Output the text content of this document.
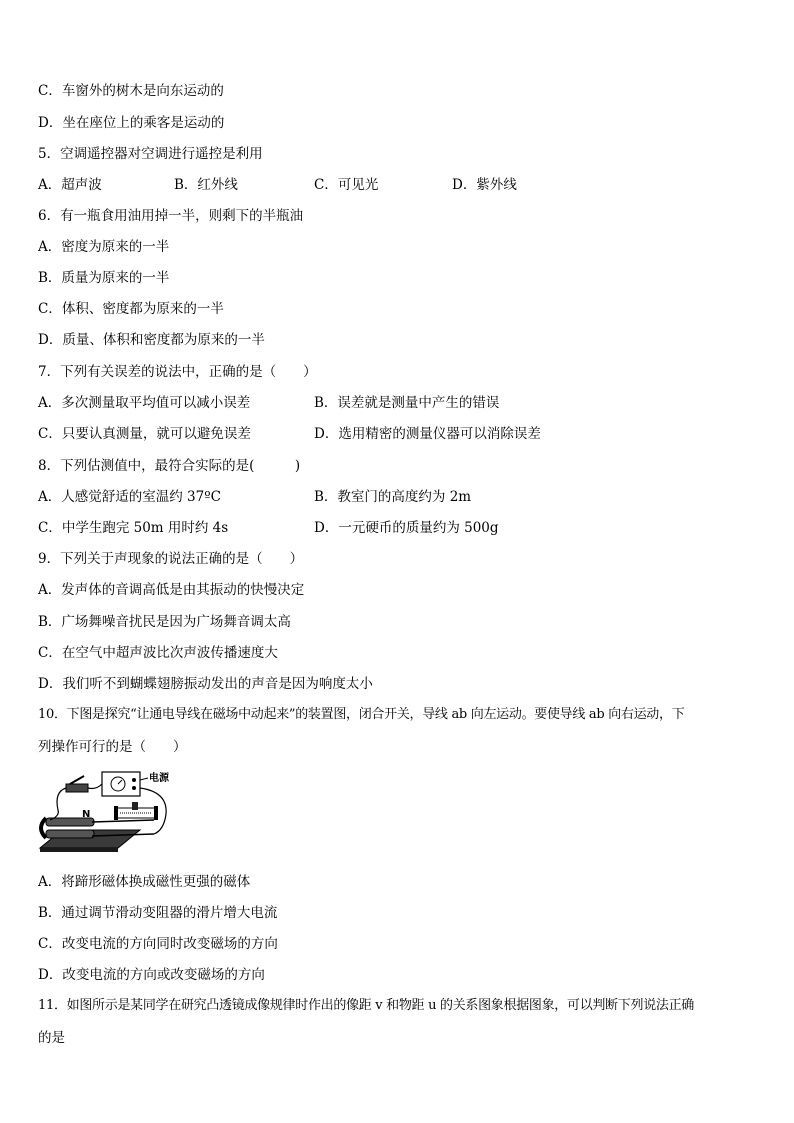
C．车窗外的树木是向东运动的
D．坐在座位上的乘客是运动的
5．空调遥控器对空调进行遥控是利用
A．超声波	B．红外线	C．可见光	D．紫外线
6．有一瓶食用油用掉一半，则剩下的半瓶油
A．密度为原来的一半
B．质量为原来的一半
C．体积、密度都为原来的一半
D．质量、体积和密度都为原来的一半
7．下列有关误差的说法中，正确的是（　　）
A．多次测量取平均值可以减小误差	B．误差就是测量中产生的错误
C．只要认真测量，就可以避免误差	D．选用精密的测量仪器可以消除误差
8．下列估测值中，最符合实际的是(　　　)
A．人感觉舒适的室温约 37ºC	B．教室门的高度约为 2m
C．中学生跑完 50m 用时约 4s	D．一元硬币的质量约为 500g
9．下列关于声现象的说法正确的是（　　）
A．发声体的音调高低是由其振动的快慢决定
B．广场舞噪音扰民是因为广场舞音调太高
C．在空气中超声波比次声波传播速度大
D．我们听不到蝴蝶翅膀振动发出的声音是因为响度太小
10．下图是探究“让通电导线在磁场中动起来”的装置图，闭合开关，导线 ab 向左运动。要使导线 ab 向右运动，下
列操作可行的是（　　）
N
电源
A．将蹄形磁体换成磁性更强的磁体
B．通过调节滑动变阻器的滑片增大电流
C．改变电流的方向同时改变磁场的方向
D．改变电流的方向或改变磁场的方向
11．如图所示是某同学在研究凸透镜成像规律时作出的像距 v 和物距 u 的关系图象根据图象，可以判断下列说法正确
的是
